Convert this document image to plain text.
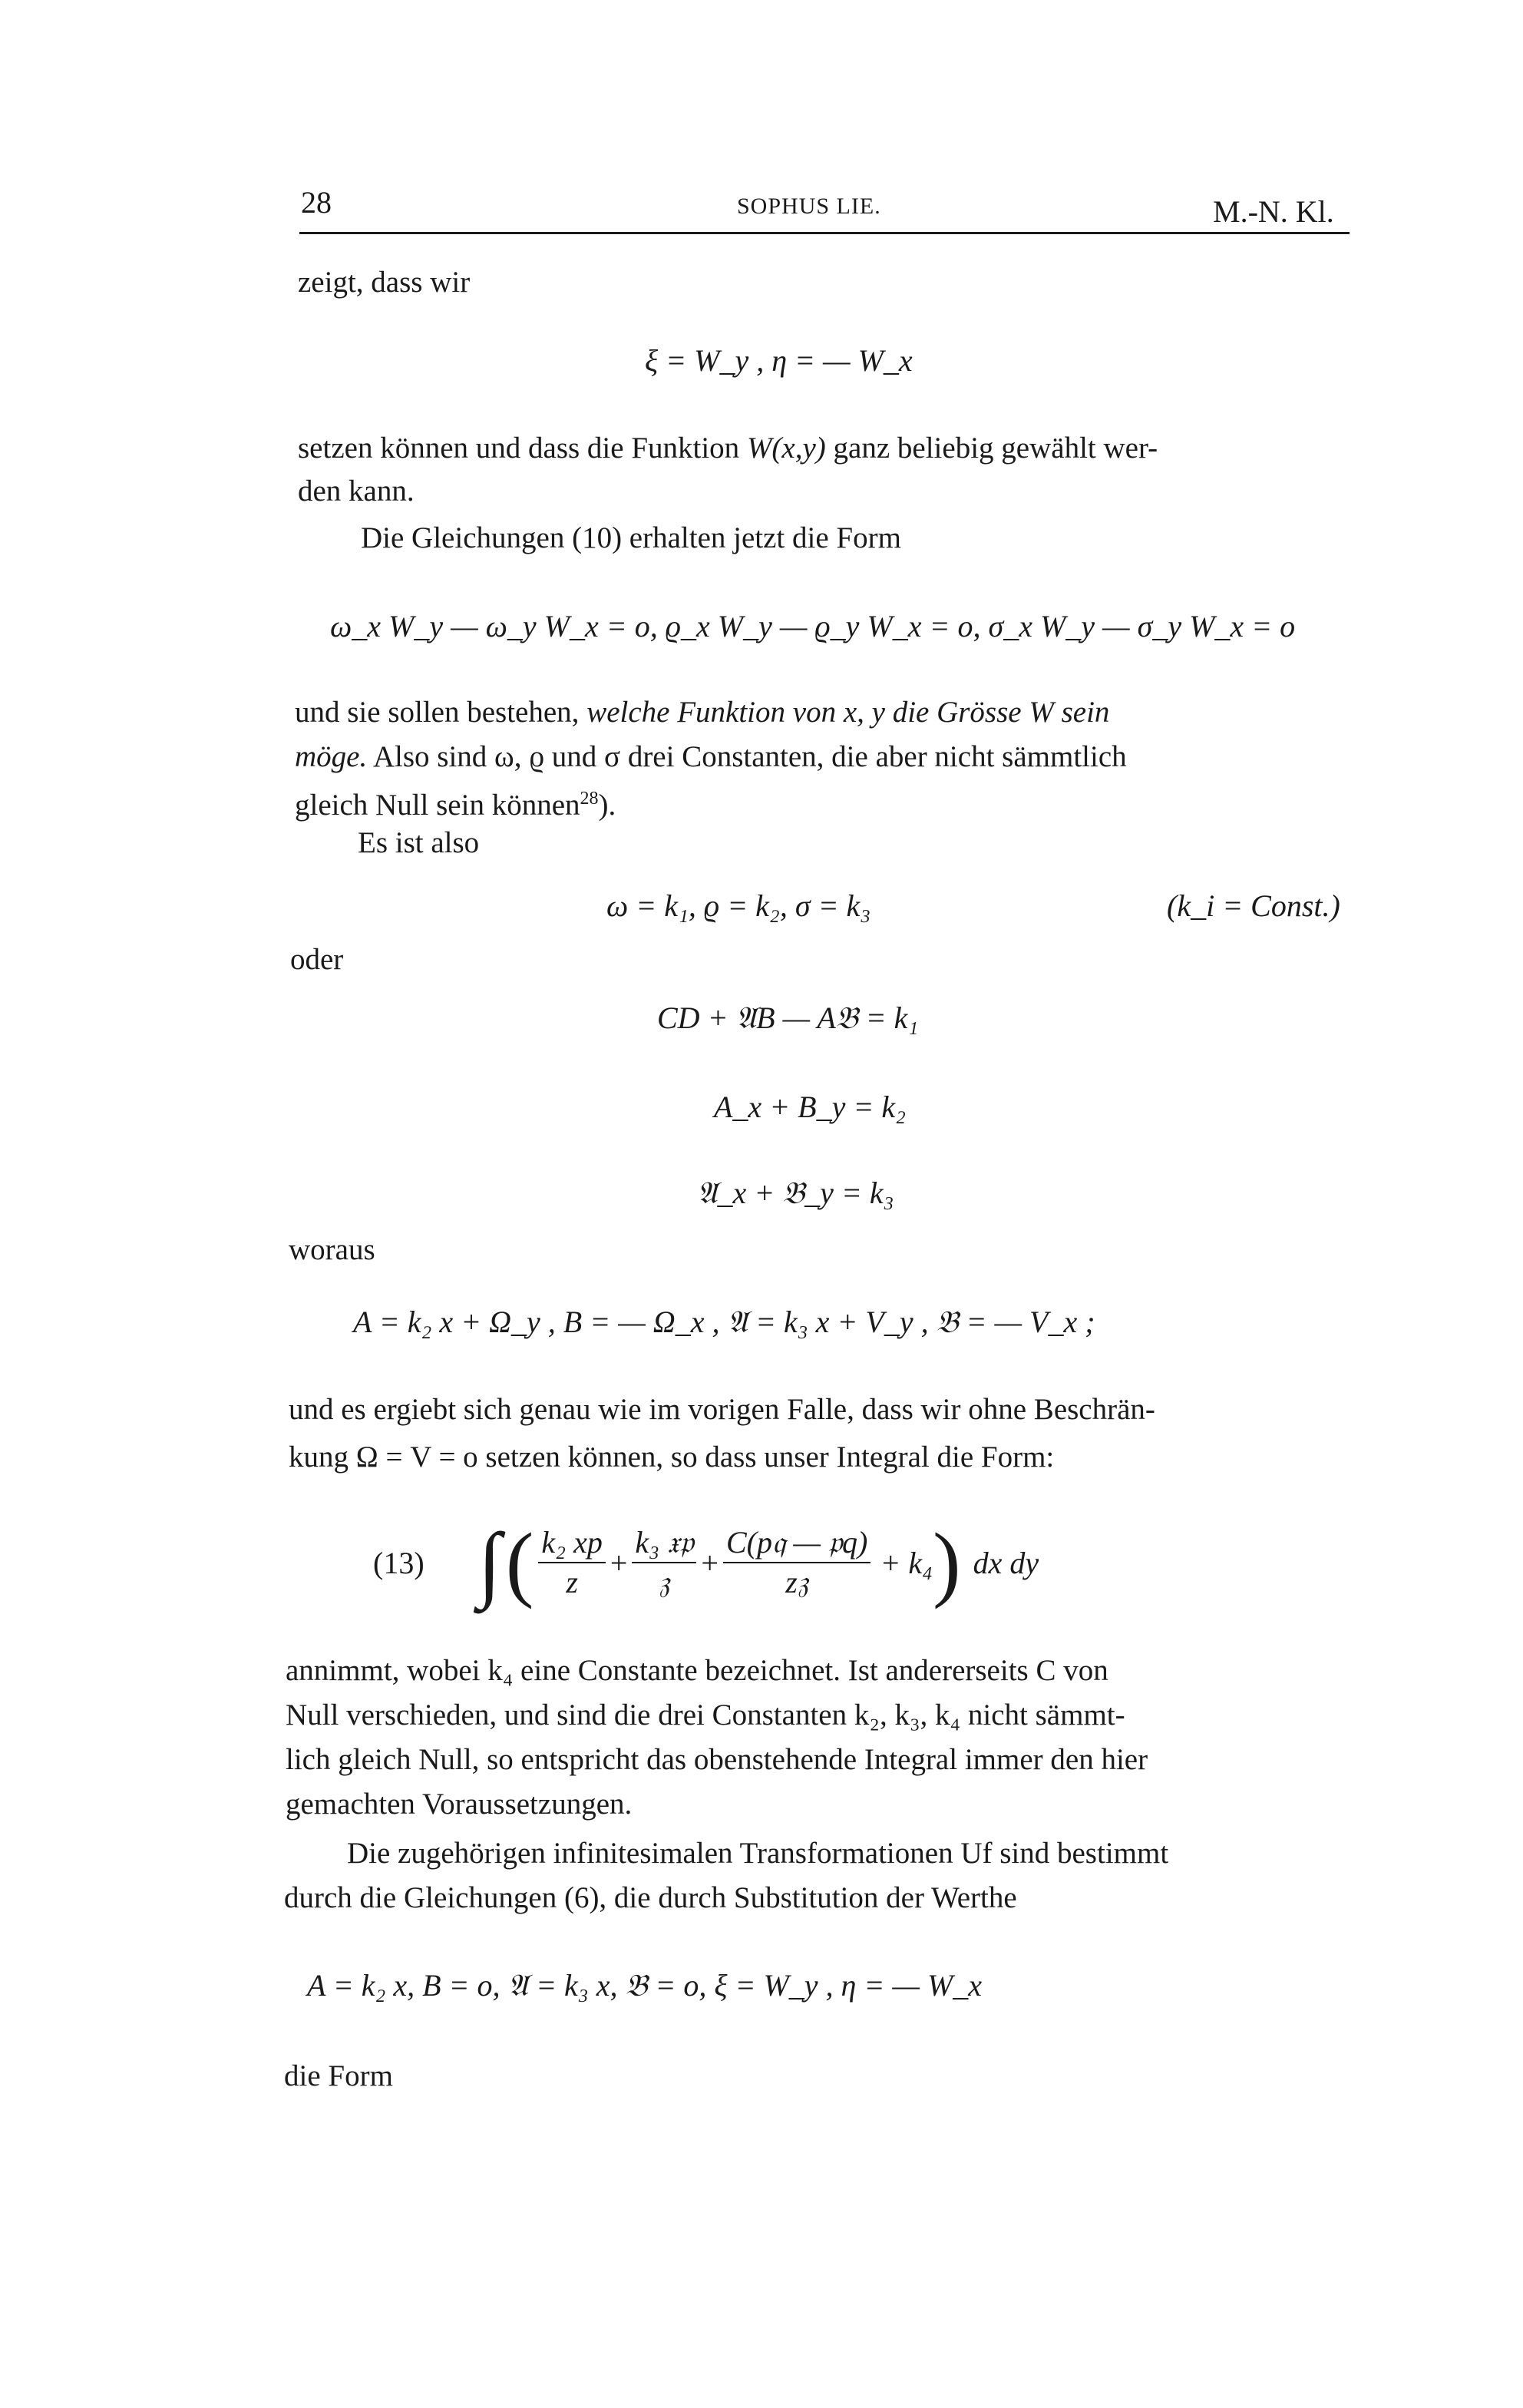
28	SOPHUS LIE.	M.-N. Kl.
zeigt, dass wir
ξ = W_y , η = — W_x
setzen können und dass die Funktion W(x,y) ganz beliebig gewählt wer-
den kann.
Die Gleichungen (10) erhalten jetzt die Form
ω_x W_y — ω_y W_x = o, ϱ_x W_y — ϱ_y W_x = o, σ_x W_y — σ_y W_x = o
und sie sollen bestehen, welche Funktion von x, y die Grösse W sein
möge. Also sind ω, ϱ und σ drei Constanten, die aber nicht sämmtlich
gleich Null sein können$^{28}$).
Es ist also
ω = k₁, ϱ = k₂, σ = k₃	(k_i = Const.)
oder
CD + 𝔄B — A𝔅 = k₁
A_x + B_y = k₂
𝔄_x + 𝔅_y = k₃
woraus
A = k₂ x + Ω_y , B = — Ω_x , 𝔄 = k₃ x + V_y , 𝔅 = — V_x ;
und es ergiebt sich genau wie im vorigen Falle, dass wir ohne Beschrän-
kung Ω = V = o setzen können, so dass unser Integral die Form:
(13) ∫ ( $\frac{\text{k₂ xp}}{z} + \frac{\text{k₃ 𝔵𝔭}}{\text{𝔷}} + \frac{\text{C(p𝔮 — 𝔭q)}}{\text{z𝔷}} + k_4$ ) dx dy
annimmt, wobei k₄ eine Constante bezeichnet. Ist andererseits C von
Null verschieden, und sind die drei Constanten k₂, k₃, k₄ nicht sämmt-
lich gleich Null, so entspricht das obenstehende Integral immer den hier
gemachten Voraussetzungen.
Die zugehörigen infinitesimalen Transformationen Uf sind bestimmt
durch die Gleichungen (6), die durch Substitution der Werthe
A = k₂ x, B = o, 𝔄 = k₃ x, 𝔅 = o, ξ = W_y , η = — W_x
die Form
